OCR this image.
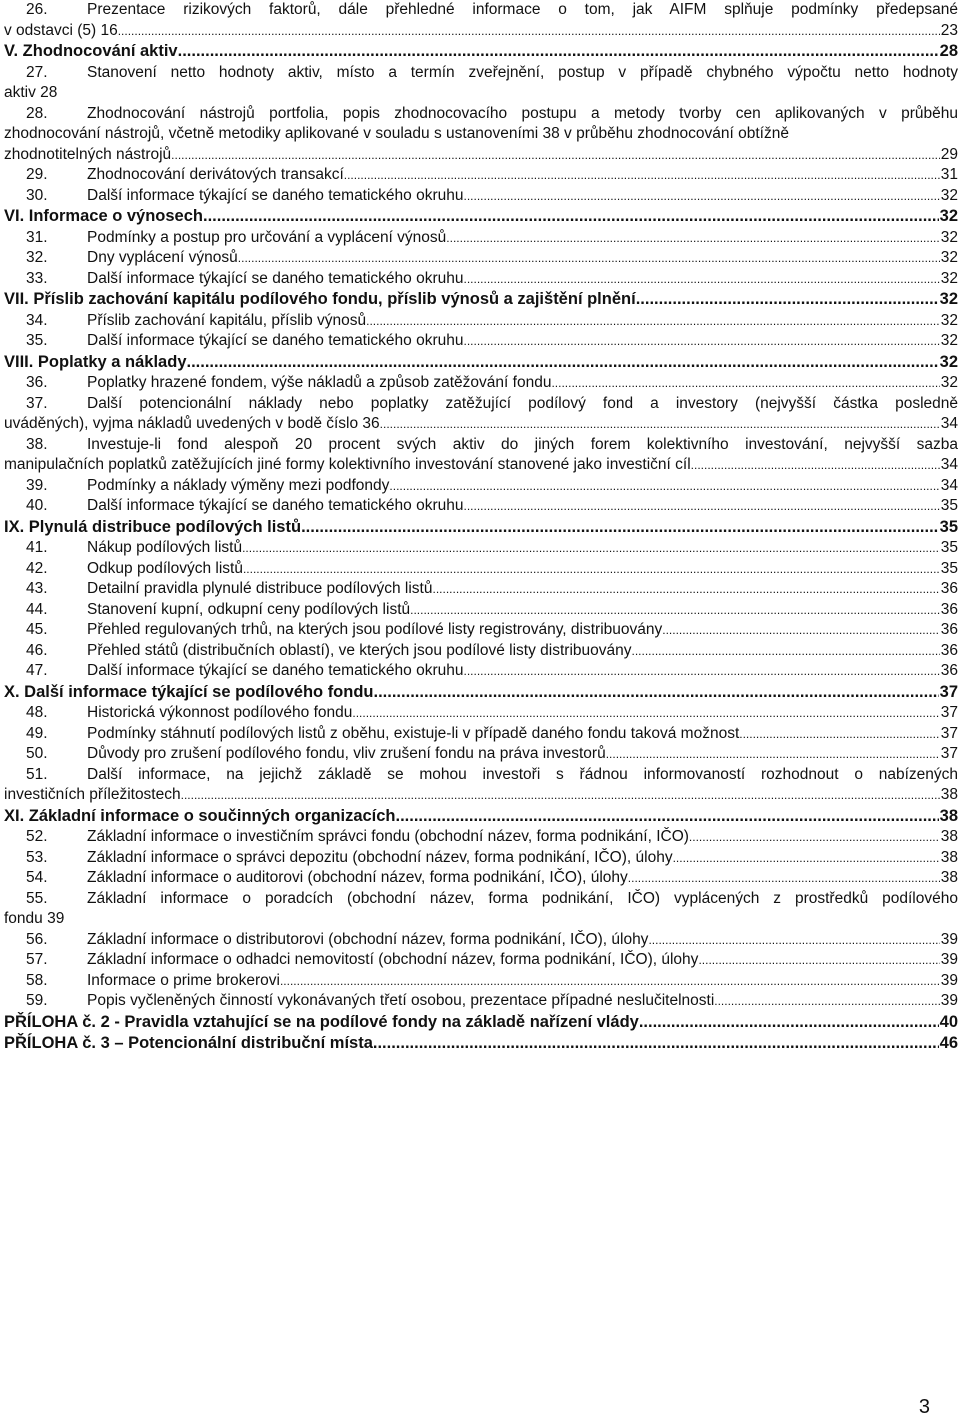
26.	Prezentace rizikových faktorů, dále přehledné informace o tom, jak AIFM splňuje podmínky předepsané
v odstavci (5) 16 .....	23
V. Zhodnocování aktiv .....	28
27.	Stanovení netto hodnoty aktiv, místo a termín zveřejnění, postup v případě chybného výpočtu netto hodnoty
aktiv 28
28.	Zhodnocování nástrojů portfolia, popis zhodnocovacího postupu a metody tvorby cen aplikovaných v průběhu
zhodnocování nástrojů, včetně metodiky aplikované v souladu s ustanoveními 38 v průběhu zhodnocování obtížně
zhodnotitelných nástrojů .....	29
29.	Zhodnocování derivátových transakcí .....	31
30.	Další informace týkající se daného tematického okruhu .....	32
VI. Informace o výnosech .....	32
31.	Podmínky a postup pro určování a vyplácení výnosů .....	32
32.	Dny vyplácení výnosů .....	32
33.	Další informace týkající se daného tematického okruhu .....	32
VII. Příslib zachování kapitálu podílového fondu, příslib výnosů a zajištění plnění .....	32
34.	Příslib zachování kapitálu, příslib výnosů .....	32
35.	Další informace týkající se daného tematického okruhu .....	32
VIII. Poplatky a náklady .....	32
36.	Poplatky hrazené fondem, výše nákladů a způsob zatěžování fondu .....	32
37.	Další potencionální náklady nebo poplatky zatěžující podílový fond a investory (nejvyšší částka posledně
uváděných), vyjma nákladů uvedených v bodě číslo 36 .....	34
38.	Investuje-li fond alespoň 20 procent svých aktiv do jiných forem kolektivního investování, nejvyšší sazba
manipulačních poplatků zatěžujících jiné formy kolektivního investování stanovené jako investiční cíl .....	34
39.	Podmínky a náklady výměny mezi podfondy .....	34
40.	Další informace týkající se daného tematického okruhu .....	35
IX. Plynulá distribuce podílových listů .....	35
41.	Nákup podílových listů .....	35
42.	Odkup podílových listů .....	35
43.	Detailní pravidla plynulé distribuce podílových listů .....	36
44.	Stanovení kupní, odkupní ceny podílových listů .....	36
45.	Přehled regulovaných trhů, na kterých jsou podílové listy registrovány, distribuovány .....	36
46.	Přehled států (distribučních oblastí), ve kterých jsou podílové listy distribuovány .....	36
47.	Další informace týkající se daného tematického okruhu .....	36
X. Další informace týkající se podílového fondu .....	37
48.	Historická výkonnost podílového fondu .....	37
49.	Podmínky stáhnutí podílových listů z oběhu, existuje-li v případě daného fondu taková možnost .....	37
50.	Důvody pro zrušení podílového fondu, vliv zrušení fondu na práva investorů .....	37
51.	Další informace, na jejichž základě se mohou investoři s řádnou informovaností rozhodnout o nabízených
investičních příležitostech .....	38
XI. Základní informace o součinných organizacích .....	38
52.	Základní informace o investičním správci fondu (obchodní název, forma podnikání, IČO) .....	38
53.	Základní informace o správci depozitu (obchodní název, forma podnikání, IČO), úlohy .....	38
54.	Základní informace o auditorovi (obchodní název, forma podnikání, IČO), úlohy .....	38
55.	Základní informace o poradcích (obchodní název, forma podnikání, IČO) vyplácených z prostředků podílového
fondu 39
56.	Základní informace o distributorovi (obchodní název, forma podnikání, IČO), úlohy .....	39
57.	Základní informace o odhadci nemovitostí (obchodní název, forma podnikání, IČO), úlohy .....	39
58.	Informace o prime brokerovi .....	39
59.	Popis vyčleněných činností vykonávaných třetí osobou, prezentace případné neslučitelnosti .....	39
PŘÍLOHA č. 2 - Pravidla vztahující se na podílové fondy na základě nařízení vlády .....	40
PŘÍLOHA č. 3 – Potencionální distribuční místa .....	46
3
